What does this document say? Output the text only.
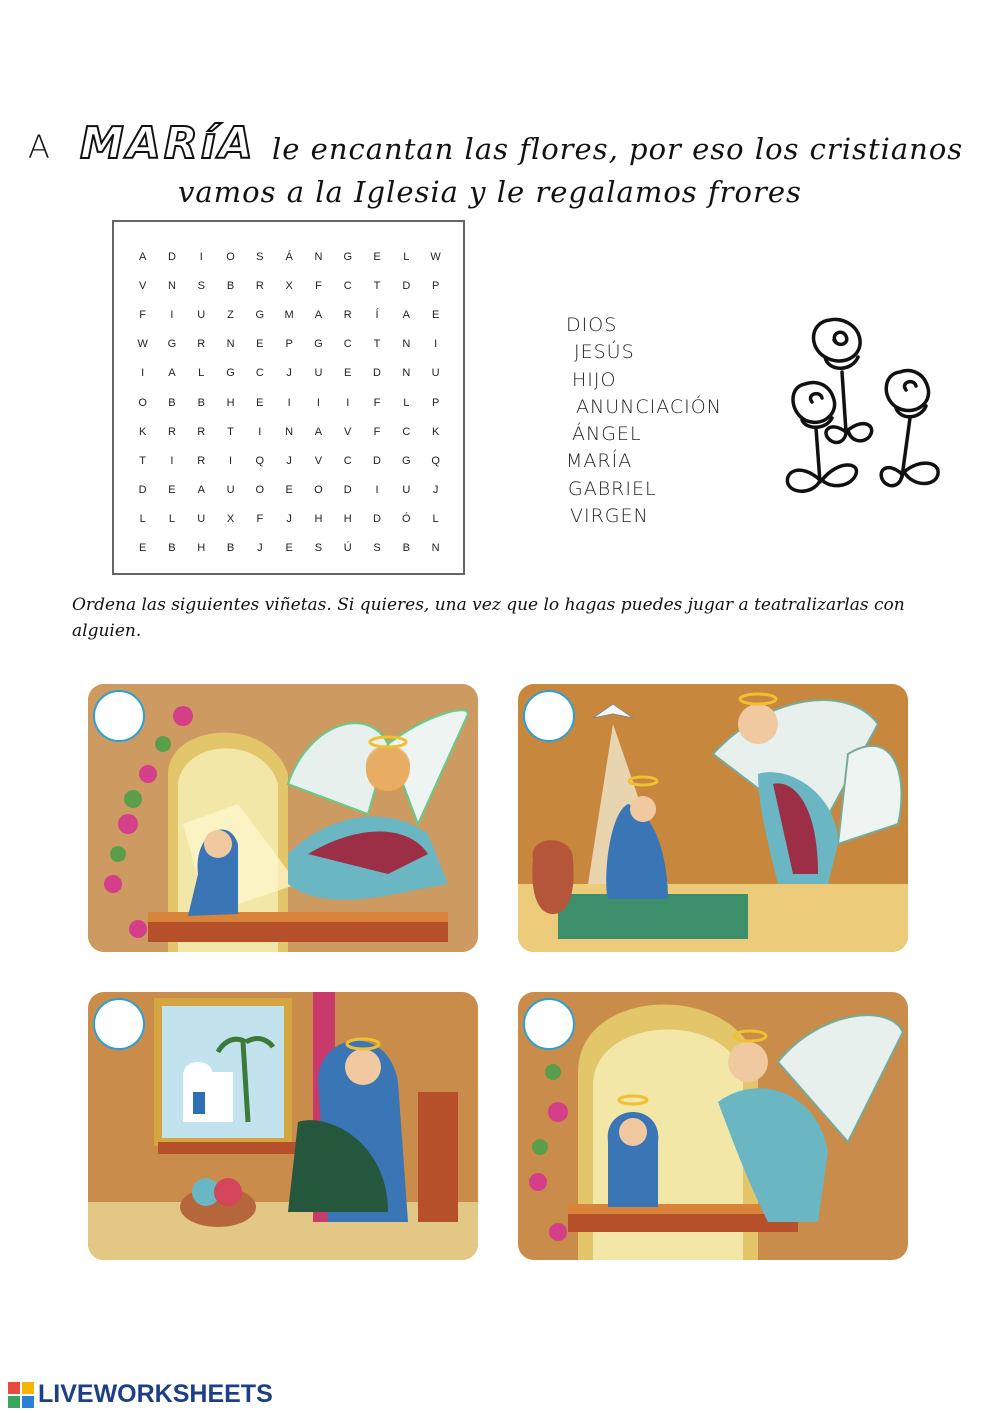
A MARíA le encantan las flores, por eso los cristianos
vamos a la Iglesia y le regalamos frores
A	D	I	O	S	Á	N	G	E	L	W
V	N	S	B	R	X	F	C	T	D	P
F	I	U	Z	G	M	A	R	Í	A	E
W	G	R	N	E	P	G	C	T	N	I
I	A	L	G	C	J	U	E	D	N	U
O	B	B	H	E	I	I	I	F	L	P
K	R	R	T	I	N	A	V	F	C	K
T	I	R	I	Q	J	V	C	D	G	Q
D	E	A	U	O	E	O	D	I	U	J
L	L	U	X	F	J	H	H	D	Ó	L
E	B	H	B	J	E	S	Ú	S	B	N
DIOS
JESÚS
HIJO
ANUNCIACIÓN
ÁNGEL
MARÍA
GABRIEL
VIRGEN
Ordena las siguientes viñetas. Si quieres, una vez que lo hagas puedes jugar a teatralizarlas con alguien.
LIVEWORKSHEETS
